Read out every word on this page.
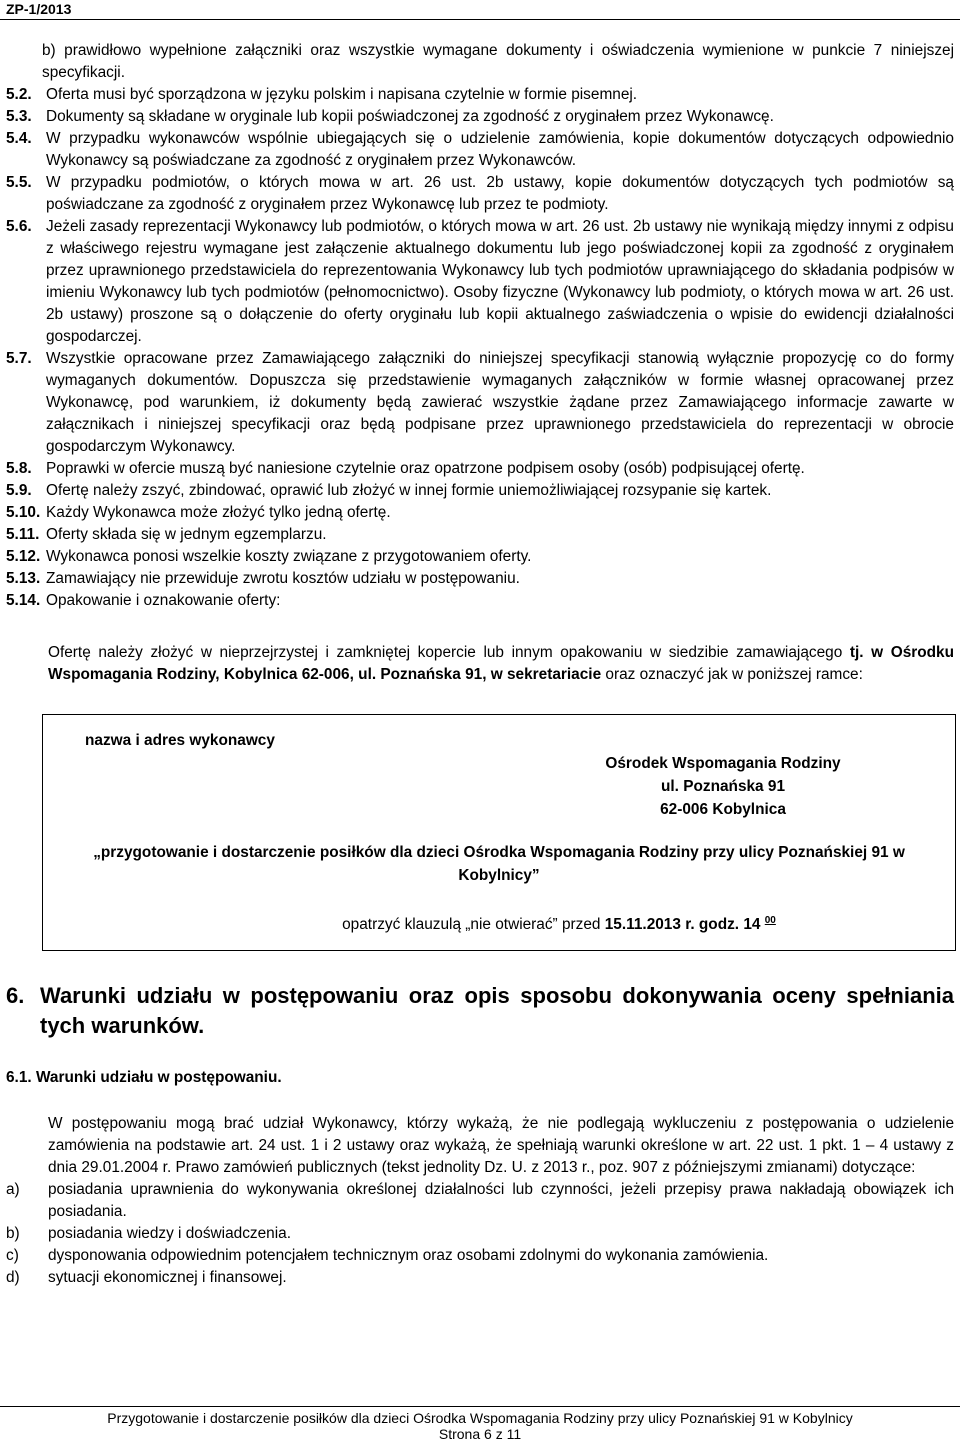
ZP-1/2013
b) prawidłowo wypełnione załączniki oraz wszystkie wymagane dokumenty i oświadczenia wymienione w punkcie 7 niniejszej specyfikacji.
5.2. Oferta musi być sporządzona w języku polskim i napisana czytelnie w formie pisemnej.
5.3. Dokumenty są składane w oryginale lub kopii poświadczonej za zgodność z oryginałem przez Wykonawcę.
5.4. W przypadku wykonawców wspólnie ubiegających się o udzielenie zamówienia, kopie dokumentów dotyczących odpowiednio Wykonawcy są poświadczane za zgodność z oryginałem przez Wykonawców.
5.5. W przypadku podmiotów, o których mowa w art. 26 ust. 2b ustawy, kopie dokumentów dotyczących tych podmiotów są poświadczane za zgodność z oryginałem przez Wykonawcę lub przez te podmioty.
5.6. Jeżeli zasady reprezentacji Wykonawcy lub podmiotów, o których mowa w art. 26 ust. 2b ustawy nie wynikają między innymi z odpisu z właściwego rejestru wymagane jest załączenie aktualnego dokumentu lub jego poświadczonej kopii za zgodność z oryginałem przez uprawnionego przedstawiciela do reprezentowania Wykonawcy lub tych podmiotów uprawniającego do składania podpisów w imieniu Wykonawcy lub tych podmiotów (pełnomocnictwo). Osoby fizyczne (Wykonawcy lub podmioty, o których mowa w art. 26 ust. 2b ustawy) proszone są o dołączenie do oferty oryginału lub kopii aktualnego zaświadczenia o wpisie do ewidencji działalności gospodarczej.
5.7. Wszystkie opracowane przez Zamawiającego załączniki do niniejszej specyfikacji stanowią wyłącznie propozycję co do formy wymaganych dokumentów. Dopuszcza się przedstawienie wymaganych załączników w formie własnej opracowanej przez Wykonawcę, pod warunkiem, iż dokumenty będą zawierać wszystkie żądane przez Zamawiającego informacje zawarte w załącznikach i niniejszej specyfikacji oraz będą podpisane przez uprawnionego przedstawiciela do reprezentacji w obrocie gospodarczym Wykonawcy.
5.8. Poprawki w ofercie muszą być naniesione czytelnie oraz opatrzone podpisem osoby (osób) podpisującej ofertę.
5.9. Ofertę należy zszyć, zbindować, oprawić lub złożyć w innej formie uniemożliwiającej rozsypanie się kartek.
5.10. Każdy Wykonawca może złożyć tylko jedną ofertę.
5.11. Oferty składa się w jednym egzemplarzu.
5.12. Wykonawca ponosi wszelkie koszty związane z przygotowaniem oferty.
5.13. Zamawiający nie przewiduje zwrotu kosztów udziału w postępowaniu.
5.14. Opakowanie i oznakowanie oferty:

Ofertę należy złożyć w nieprzejrzystej i zamkniętej kopercie lub innym opakowaniu w siedzibie zamawiającego tj. w Ośrodku Wspomagania Rodziny, Kobylnica 62-006, ul. Poznańska 91, w sekretariacie oraz oznaczyć jak w poniższej ramce:

nazwa i adres wykonawcy
Ośrodek Wspomagania Rodziny
ul. Poznańska 91
62-006 Kobylnica
„przygotowanie i dostarczenie posiłków dla dzieci Ośrodka Wspomagania Rodziny przy ulicy Poznańskiej 91 w Kobylnicy”
opatrzyć klauzulą „nie otwierać” przed 15.11.2013 r. godz. 14 $^{00}$
6. Warunki udziału w postępowaniu oraz opis sposobu dokonywania oceny spełniania tych warunków.
6.1. Warunki udziału w postępowaniu.

W postępowaniu mogą brać udział Wykonawcy, którzy wykażą, że nie podlegają wykluczeniu z postępowania o udzielenie zamówienia na podstawie art. 24 ust. 1 i 2 ustawy oraz wykażą, że spełniają warunki określone w art. 22 ust. 1 pkt. 1 – 4 ustawy z dnia 29.01.2004 r. Prawo zamówień publicznych (tekst jednolity Dz. U. z 2013 r., poz. 907 z późniejszymi zmianami) dotyczące:

a)	posiadania uprawnienia do wykonywania określonej działalności lub czynności, jeżeli przepisy prawa nakładają obowiązek ich posiadania.
b)	posiadania wiedzy i doświadczenia.
c)	dysponowania odpowiednim potencjałem technicznym oraz osobami zdolnymi do wykonania zamówienia.
d)	sytuacji ekonomicznej i finansowej.
Przygotowanie i dostarczenie posiłków dla dzieci Ośrodka Wspomagania Rodziny przy ulicy Poznańskiej 91 w Kobylnicy
Strona 6 z 11
